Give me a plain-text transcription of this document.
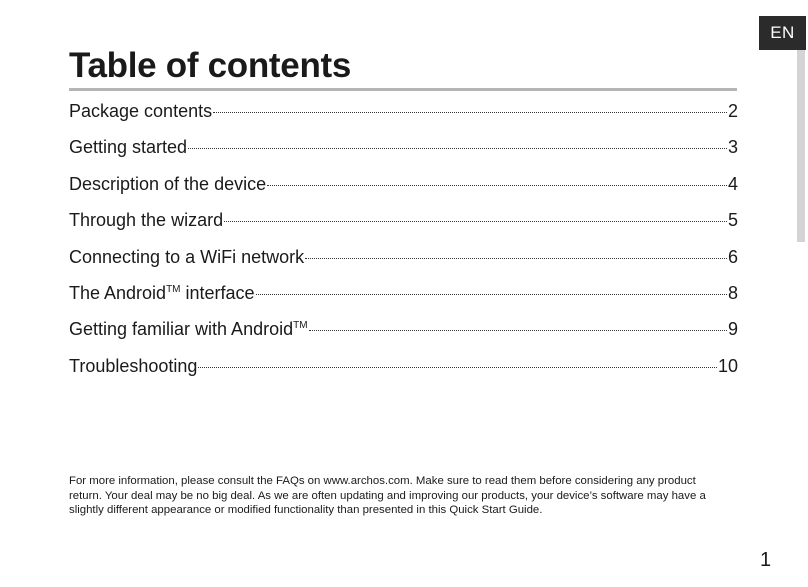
EN
Table of contents
Package contents	2
Getting started	3
Description of the device	4
Through the wizard	5
Connecting to a WiFi network	6
The Android™ interface	8
Getting familiar with Android™	9
Troubleshooting	10

For more information, please consult the FAQs on www.archos.com. Make sure to read them before considering any product return. Your deal may be no big deal. As we are often updating and improving our products, your device’s software may have a slightly different appearance or modified functionality than presented in this Quick Start Guide.

1
